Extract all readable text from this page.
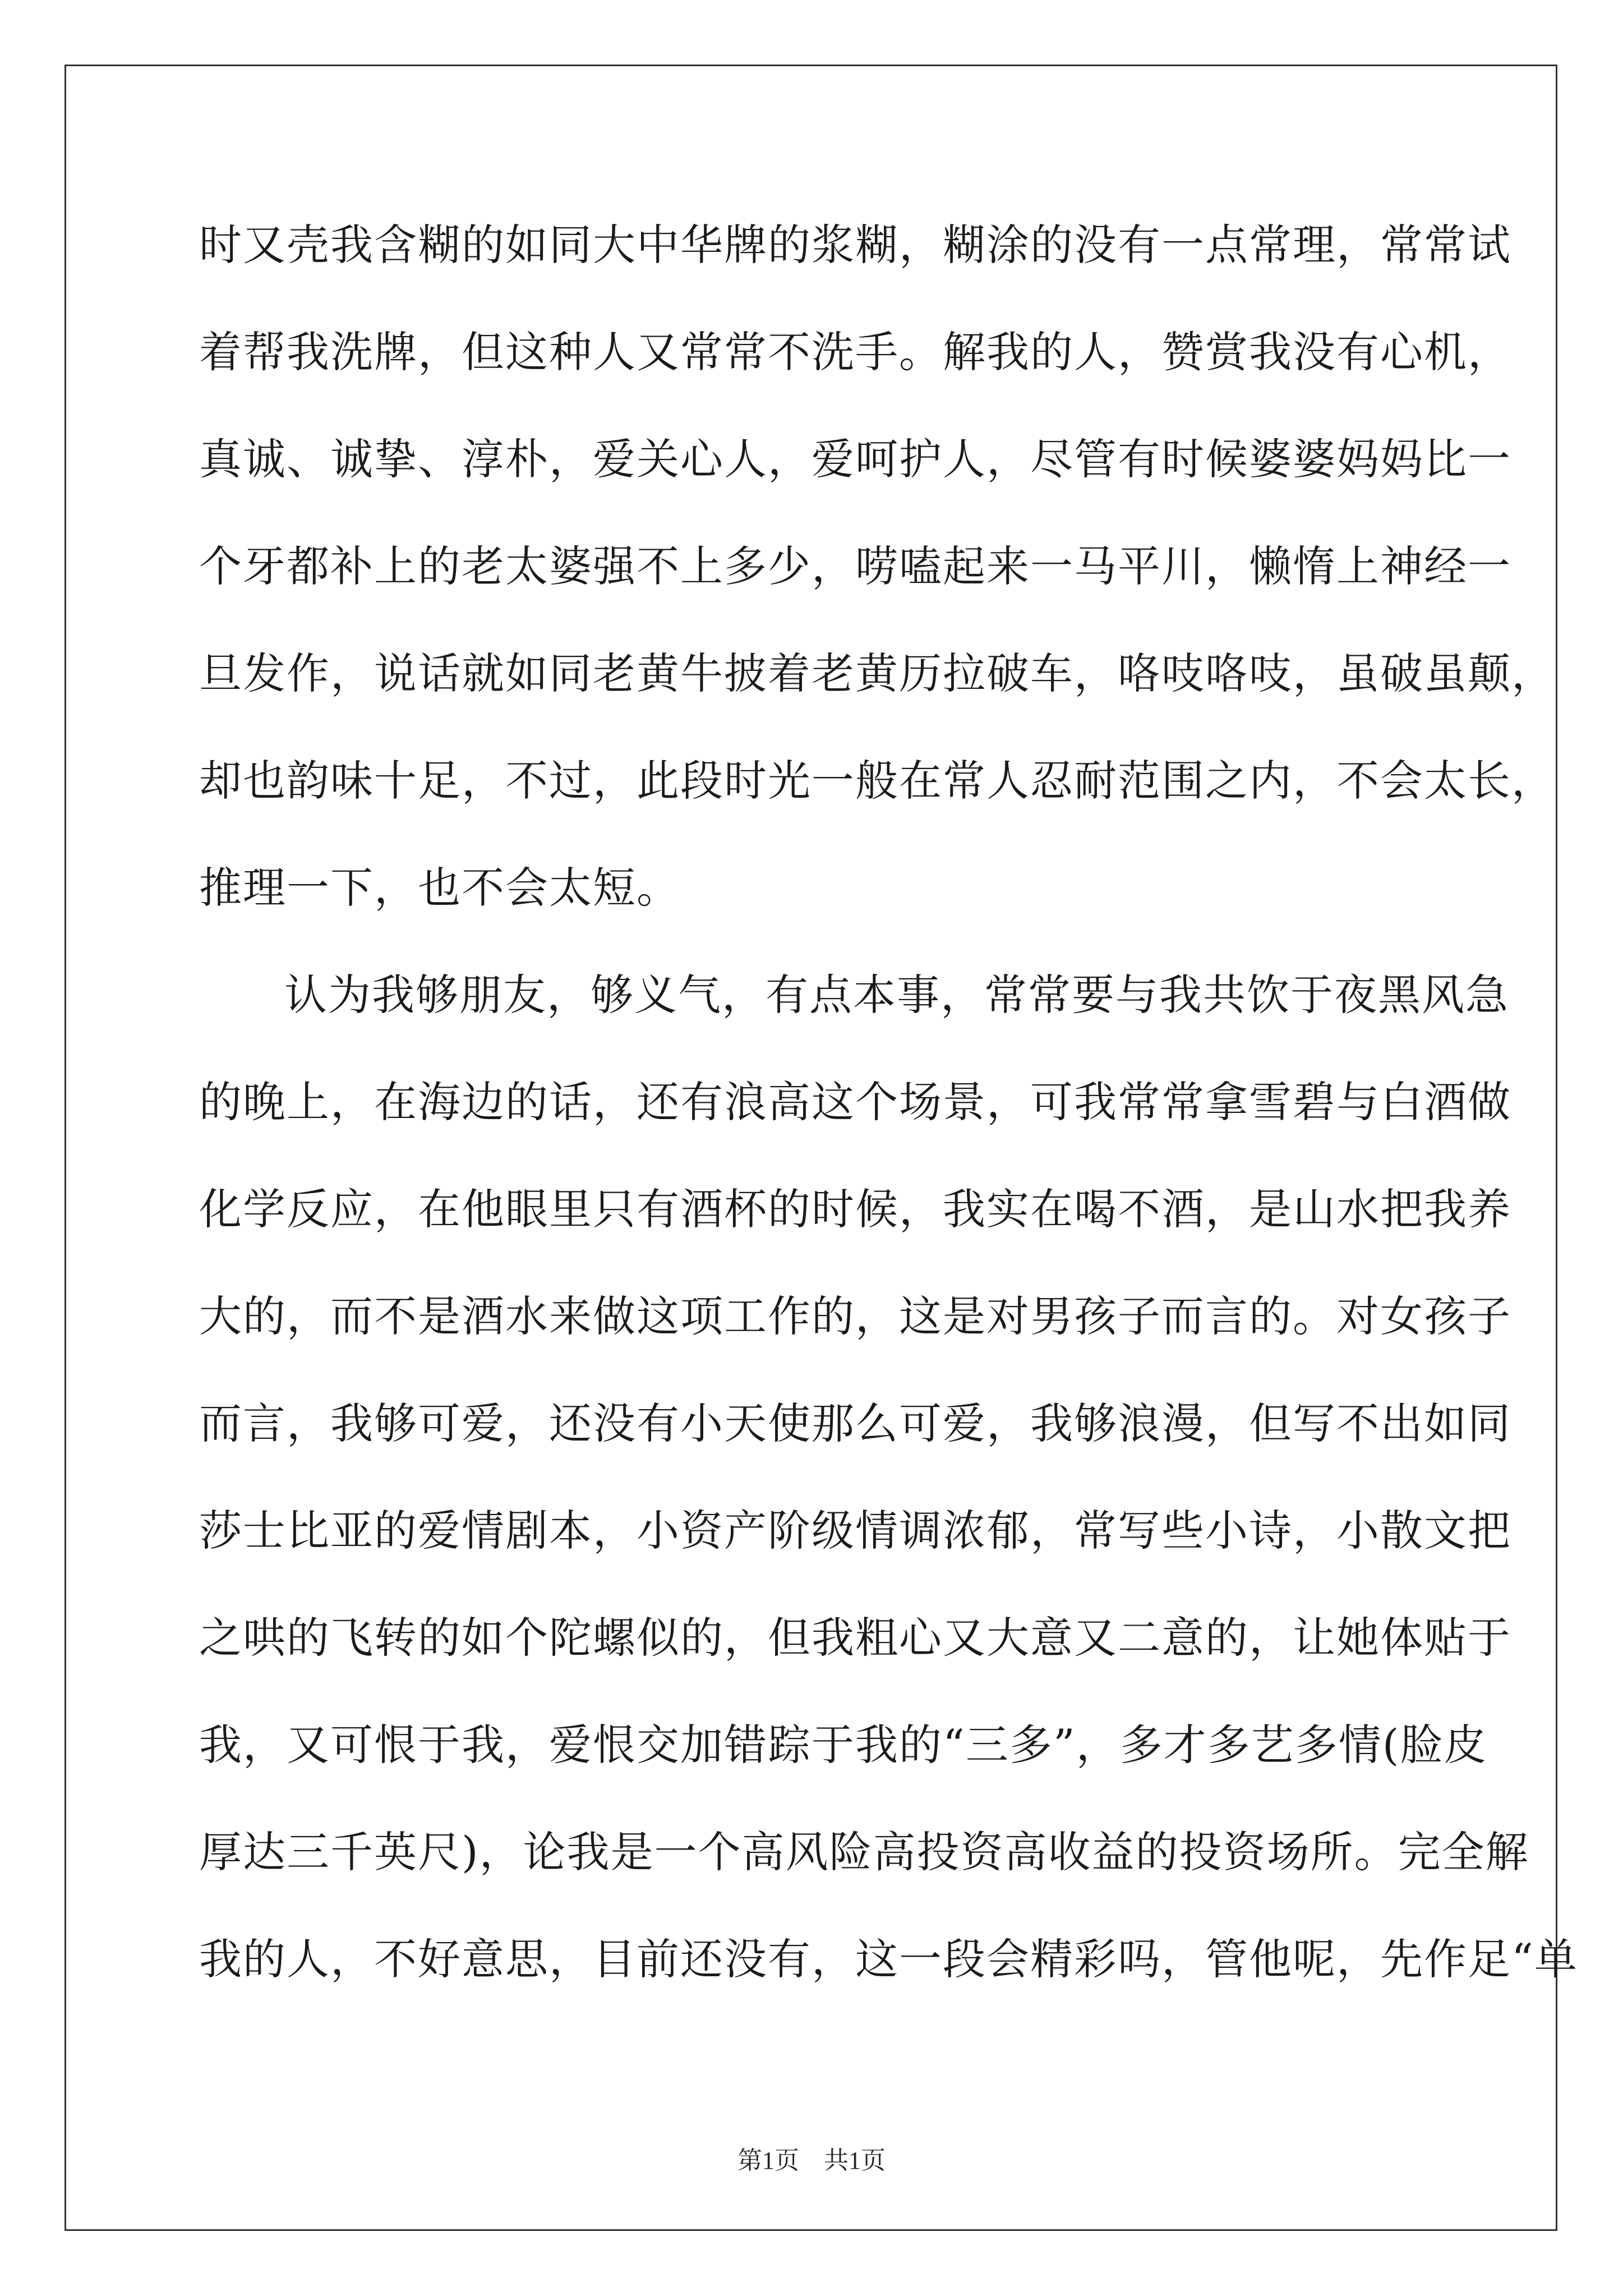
时又壳我含糊的如同大中华牌的浆糊，糊涂的没有一点常理，常常试
着帮我洗牌，但这种人又常常不洗手。解我的人，赞赏我没有心机，
真诚、诚挚、淳朴，爱关心人，爱呵护人，尽管有时候婆婆妈妈比一
个牙都补上的老太婆强不上多少，唠嗑起来一马平川，懒惰上神经一
旦发作，说话就如同老黄牛披着老黄历拉破车，咯吱咯吱，虽破虽颠，
却也韵味十足，不过，此段时光一般在常人忍耐范围之内，不会太长，
推理一下，也不会太短。
认为我够朋友，够义气，有点本事，常常要与我共饮于夜黑风急
的晚上，在海边的话，还有浪高这个场景，可我常常拿雪碧与白酒做
化学反应，在他眼里只有酒杯的时候，我实在喝不酒，是山水把我养
大的，而不是酒水来做这项工作的，这是对男孩子而言的。对女孩子
而言，我够可爱，还没有小天使那么可爱，我够浪漫，但写不出如同
莎士比亚的爱情剧本，小资产阶级情调浓郁，常写些小诗，小散文把
之哄的飞转的如个陀螺似的，但我粗心又大意又二意的，让她体贴于
我，又可恨于我，爱恨交加错踪于我的“三多”，多才多艺多情(脸皮
厚达三千英尺)，论我是一个高风险高投资高收益的投资场所。完全解
我的人，不好意思，目前还没有，这一段会精彩吗，管他呢，先作足“单
第1页　共1页
